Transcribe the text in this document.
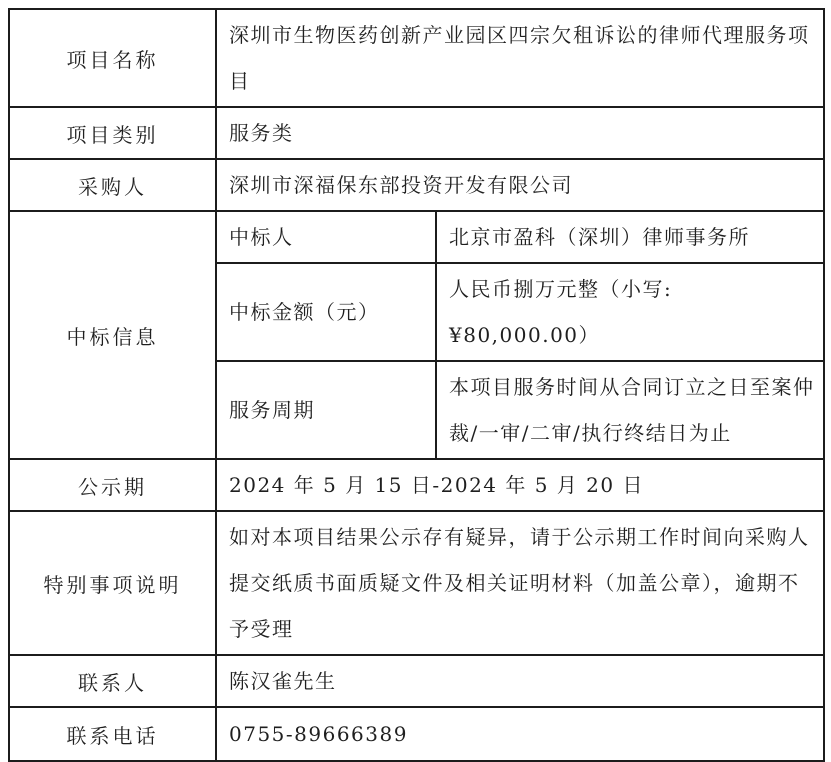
项目名称	深圳市生物医药创新产业园区四宗欠租诉讼的律师代理服务项目	
项目类别	服务类	
采购人	深圳市深福保东部投资开发有限公司	
中标信息	中标人	北京市盈科（深圳）律师事务所
	中标金额（元）	人民币捌万元整（小写: ¥80,000.00）
	服务周期	本项目服务时间从合同订立之日至案仲裁/一审/二审/执行终结日为止
公示期	2024 年 5 月 15 日-2024 年 5 月 20 日	
特别事项说明	如对本项目结果公示存有疑异，请于公示期工作时间向采购人提交纸质书面质疑文件及相关证明材料（加盖公章），逾期不予受理	
联系人	陈汉雀先生	
联系电话	0755-89666389	
